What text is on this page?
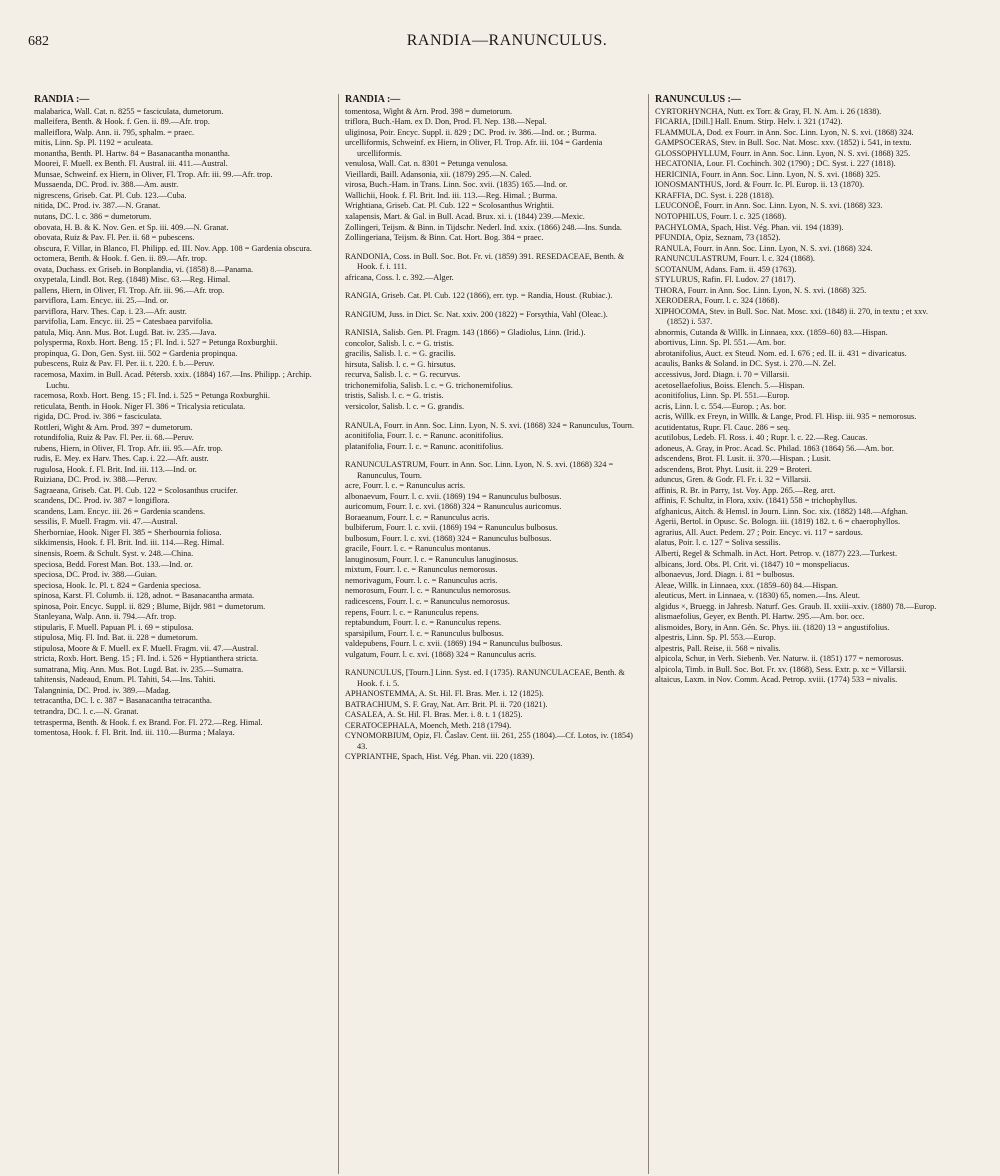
682	RANDIA—RANUNCULUS.

RANDIA :—

malabarica, Wall. Cat. n. 8255 = fasciculata, dumetorum.

malleifera, Benth. & Hook. f. Gen. ii. 89.—Afr. trop.

malleiflora, Walp. Ann. ii. 795, sphalm. = praec.

mitis, Linn. Sp. Pl. 1192 = aculeata.

monantha, Benth. Pl. Hartw. 84 = Basanacantha monantha.

Moorei, F. Muell. ex Benth. Fl. Austral. iii. 411.—Austral.

Munsae, Schweinf. ex Hiern, in Oliver, Fl. Trop. Afr. iii. 99.—Afr. trop.

Mussaenda, DC. Prod. iv. 388.—Am. austr.

nigrescens, Griseb. Cat. Pl. Cub. 123.—Cuba.

nitida, DC. Prod. iv. 387.—N. Granat.

nutans, DC. l. c. 386 = dumetorum.

obovata, H. B. & K. Nov. Gen. et Sp. iii. 409.—N. Granat.

obovata, Ruiz & Pav. Fl. Per. ii. 68 = pubescens.

obscura, F. Villar, in Blanco, Fl. Philipp. ed. III. Nov. App. 108 = Gardenia obscura.

octomera, Benth. & Hook. f. Gen. ii. 89.—Afr. trop.

ovata, Duchass. ex Griseb. in Bonplandia, vi. (1858) 8.—Panama.

oxypetala, Lindl. Bot. Reg. (1848) Misc. 63.—Reg. Himal.

pallens, Hiern, in Oliver, Fl. Trop. Afr. iii. 96.—Afr. trop.

parviflora, Lam. Encyc. iii. 25.—Ind. or.

parviflora, Harv. Thes. Cap. i. 23.—Afr. austr.

parvifolia, Lam. Encyc. iii. 25 = Catesbaea parvifolia.

patula, Miq. Ann. Mus. Bot. Lugd. Bat. iv. 235.—Java.

polysperma, Roxb. Hort. Beng. 15 ; Fl. Ind. i. 527 = Petunga Roxburghii.

propinqua, G. Don, Gen. Syst. iii. 502 = Gardenia propinqua.

pubescens, Ruiz & Pav. Fl. Per. ii. t. 220. f. b.—Peruv.

racemosa, Maxim. in Bull. Acad. Pétersb. xxix. (1884) 167.—Ins. Philipp. ; Archip. Luchu.

racemosa, Roxb. Hort. Beng. 15 ; Fl. Ind. i. 525 = Petunga Roxburghii.

reticulata, Benth. in Hook. Niger Fl. 386 = Tricalysia reticulata.

rigida, DC. Prod. iv. 386 = fasciculata.

Rottleri, Wight & Arn. Prod. 397 = dumetorum.

rotundifolia, Ruiz & Pav. Fl. Per. ii. 68.—Peruv.

rubens, Hiern, in Oliver, Fl. Trop. Afr. iii. 95.—Afr. trop.

rudis, E. Mey. ex Harv. Thes. Cap. i. 22.—Afr. austr.

rugulosa, Hook. f. Fl. Brit. Ind. iii. 113.—Ind. or.

Ruiziana, DC. Prod. iv. 388.—Peruv.

Sagraeana, Griseb. Cat. Pl. Cub. 122 = Scolosanthus crucifer.

scandens, DC. Prod. iv. 387 = longiflora.

scandens, Lam. Encyc. iii. 26 = Gardenia scandens.

sessilis, F. Muell. Fragm. vii. 47.—Austral.

Sherborniae, Hook. Niger Fl. 385 = Sherbournia foliosa.

sikkimensis, Hook. f. Fl. Brit. Ind. iii. 114.—Reg. Himal.

sinensis, Roem. & Schult. Syst. v. 248.—China.

speciosa, Bedd. Forest Man. Bot. 133.—Ind. or.

speciosa, DC. Prod. iv. 388.—Guian.

speciosa, Hook. Ic. Pl. t. 824 = Gardenia speciosa.

spinosa, Karst. Fl. Columb. ii. 128, adnot. = Basanacantha armata.

spinosa, Poir. Encyc. Suppl. ii. 829 ; Blume, Bijdr. 981 = dumetorum.

Stanleyana, Walp. Ann. ii. 794.—Afr. trop.

stipularis, F. Muell. Papuan Pl. i. 69 = stipulosa.

stipulosa, Miq. Fl. Ind. Bat. ii. 228 = dumetorum.

stipulosa, Moore & F. Muell. ex F. Muell. Fragm. vii. 47.—Austral.

stricta, Roxb. Hort. Beng. 15 ; Fl. Ind. i. 526 = Hyptianthera stricta.

sumatrana, Miq. Ann. Mus. Bot. Lugd. Bat. iv. 235.—Sumatra.

tahitensis, Nadeaud, Enum. Pl. Tahiti, 54.—Ins. Tahiti.

Talangninia, DC. Prod. iv. 389.—Madag.

tetracantha, DC. l. c. 387 = Basanacantha tetracantha.

tetrandra, DC. l. c.—N. Granat.

tetrasperma, Benth. & Hook. f. ex Brand. For. Fl. 272.—Reg. Himal.

tomentosa, Hook. f. Fl. Brit. Ind. iii. 110.—Burma ; Malaya.

RANDIA :—

tomentosa, Wight & Arn. Prod. 398 = dumetorum.

triflora, Buch.-Ham. ex D. Don, Prod. Fl. Nep. 138.—Nepal.

uliginosa, Poir. Encyc. Suppl. ii. 829 ; DC. Prod. iv. 386.—Ind. or. ; Burma.

urcelliformis, Schweinf. ex Hiern, in Oliver, Fl. Trop. Afr. iii. 104 = Gardenia urcelliformis.

venulosa, Wall. Cat. n. 8301 = Petunga venulosa.

Vieillardi, Baill. Adansonia, xii. (1879) 295.—N. Caled.

virosa, Buch.-Ham. in Trans. Linn. Soc. xvii. (1835) 165.—Ind. or.

Wallichii, Hook. f. Fl. Brit. Ind. iii. 113.—Reg. Himal. ; Burma.

Wrightiana, Griseb. Cat. Pl. Cub. 122 = Scolosanthus Wrightii.

xalapensis, Mart. & Gal. in Bull. Acad. Brux. xi. i. (1844) 239.—Mexic.

Zollingeri, Teijsm. & Binn. in Tijdschr. Nederl. Ind. xxix. (1866) 248.—Ins. Sunda.

Zollingeriana, Teijsm. & Binn. Cat. Hort. Bog. 384 = praec.

RANDONIA, Coss. in Bull. Soc. Bot. Fr. vi. (1859) 391. RESEDACEAE, Benth. & Hook. f. i. 111.

africana, Coss. l. c. 392.—Alger.

RANGIA, Griseb. Cat. Pl. Cub. 122 (1866), err. typ. = Randia, Houst. (Rubiac.).

RANGIUM, Juss. in Dict. Sc. Nat. xxiv. 200 (1822) = Forsythia, Vahl (Oleac.).

RANISIA, Salisb. Gen. Pl. Fragm. 143 (1866) = Gladiolus, Linn. (Irid.).

concolor, Salisb. l. c. = G. tristis.

gracilis, Salisb. l. c. = G. gracilis.

hirsuta, Salisb. l. c. = G. hirsutus.

recurva, Salisb. l. c. = G. recurvus.

trichonemifolia, Salisb. l. c. = G. trichonemifolius.

tristis, Salisb. l. c. = G. tristis.

versicolor, Salisb. l. c. = G. grandis.

RANULA, Fourr. in Ann. Soc. Linn. Lyon, N. S. xvi. (1868) 324 = Ranunculus, Tourn.

aconitifolia, Fourr. l. c. = Ranunc. aconitifolius.

platanifolia, Fourr. l. c. = Ranunc. aconitifolius.

RANUNCULASTRUM, Fourr. in Ann. Soc. Linn. Lyon, N. S. xvi. (1868) 324 = Ranunculus, Tourn.

acre, Fourr. l. c. = Ranunculus acris.

albonaevum, Fourr. l. c. xvii. (1869) 194 = Ranunculus bulbosus.

auricomum, Fourr. l. c. xvi. (1868) 324 = Ranunculus auricomus.

Boraeanum, Fourr. l. c. = Ranunculus acris.

bulbiferum, Fourr. l. c. xvii. (1869) 194 = Ranunculus bulbosus.

bulbosum, Fourr. l. c. xvi. (1868) 324 = Ranunculus bulbosus.

gracile, Fourr. l. c. = Ranunculus montanus.

lanuginosum, Fourr. l. c. = Ranunculus lanuginosus.

mixtum, Fourr. l. c. = Ranunculus nemorosus.

nemorivagum, Fourr. l. c. = Ranunculus acris.

nemorosum, Fourr. l. c. = Ranunculus nemorosus.

radicescens, Fourr. l. c. = Ranunculus nemorosus.

repens, Fourr. l. c. = Ranunculus repens.

reptabundum, Fourr. l. c. = Ranunculus repens.

sparsipilum, Fourr. l. c. = Ranunculus bulbosus.

valdepubens, Fourr. l. c. xvii. (1869) 194 = Ranunculus bulbosus.

vulgatum, Fourr. l. c. xvi. (1868) 324 = Ranunculus acris.

RANUNCULUS, [Tourn.] Linn. Syst. ed. I (1735). RANUNCULACEAE, Benth. & Hook. f. i. 5.

APHANOSTEMMA, A. St. Hil. Fl. Bras. Mer. i. 12 (1825).

BATRACHIUM, S. F. Gray, Nat. Arr. Brit. Pl. ii. 720 (1821).

CASALEA, A. St. Hil. Fl. Bras. Mer. i. 8. t. 1 (1825).

CERATOCEPHALA, Moench, Meth. 218 (1794).

CYNOMORBIUM, Opiz, Fl. Časlav. Cent. iii. 261, 255 (1804).—Cf. Lotos, iv. (1854) 43.

CYPRIANTHE, Spach, Hist. Vég. Phan. vii. 220 (1839).

RANUNCULUS :—

CYRTORHYNCHA, Nutt. ex Torr. & Gray, Fl. N. Am. i. 26 (1838).

FICARIA, [Dill.] Hall. Enum. Stirp. Helv. i. 321 (1742).

FLAMMULA, Dod. ex Fourr. in Ann. Soc. Linn. Lyon, N. S. xvi. (1868) 324.

GAMPSOCERAS, Stev. in Bull. Soc. Nat. Mosc. xxv. (1852) i. 541, in textu.

GLOSSOPHYLLUM, Fourr. in Ann. Soc. Linn. Lyon, N. S. xvi. (1868) 325.

HECATONIA, Lour. Fl. Cochinch. 302 (1790) ; DC. Syst. i. 227 (1818).

HERICINIA, Fourr. in Ann. Soc. Linn. Lyon, N. S. xvi. (1868) 325.

IONOSMANTHUS, Jord. & Fourr. Ic. Pl. Europ. ii. 13 (1870).

KRAFFIA, DC. Syst. i. 228 (1818).

LEUCONOË, Fourr. in Ann. Soc. Linn. Lyon, N. S. xvi. (1868) 323.

NOTOPHILUS, Fourr. l. c. 325 (1868).

PACHYLOMA, Spach, Hist. Vég. Phan. vii. 194 (1839).

PFUNDIA, Opiz, Seznam, 73 (1852).

RANULA, Fourr. in Ann. Soc. Linn. Lyon, N. S. xvi. (1868) 324.

RANUNCULASTRUM, Fourr. l. c. 324 (1868).

SCOTANUM, Adans. Fam. ii. 459 (1763).

STYLURUS, Rafin. Fl. Ludov. 27 (1817).

THORA, Fourr. in Ann. Soc. Linn. Lyon, N. S. xvi. (1868) 325.

XERODERA, Fourr. l. c. 324 (1868).

XIPHOCOMA, Stev. in Bull. Soc. Nat. Mosc. xxi. (1848) ii. 270, in textu ; et xxv. (1852) i. 537.

abnormis, Cutanda & Willk. in Linnaea, xxx. (1859–60) 83.—Hispan.

abortivus, Linn. Sp. Pl. 551.—Am. bor.

abrotanifolius, Auct. ex Steud. Nom. ed. I. 676 ; ed. II. ii. 431 = divaricatus.

acaulis, Banks & Soland. in DC. Syst. i. 270.—N. Zel.

accessivus, Jord. Diagn. i. 70 = Villarsii.

acetosellaefolius, Boiss. Elench. 5.—Hispan.

aconitifolius, Linn. Sp. Pl. 551.—Europ.

acris, Linn. l. c. 554.—Europ. ; As. bor.

acris, Willk. ex Freyn, in Willk. & Lange, Prod. Fl. Hisp. iii. 935 = nemorosus.

acutidentatus, Rupr. Fl. Cauc. 286 = seq.

acutilobus, Ledeb. Fl. Ross. i. 40 ; Rupr. l. c. 22.—Reg. Caucas.

adoneus, A. Gray, in Proc. Acad. Sc. Philad. 1863 (1864) 56.—Am. bor.

adscendens, Brot. Fl. Lusit. ii. 370.—Hispan. ; Lusit.

adscendens, Brot. Phyt. Lusit. ii. 229 = Broteri.

aduncus, Gren. & Godr. Fl. Fr. i. 32 = Villarsii.

affinis, R. Br. in Parry, 1st. Voy. App. 265.—Reg. arct.

affinis, F. Schultz, in Flora, xxiv. (1841) 558 = trichophyllus.

afghanicus, Aitch. & Hemsl. in Journ. Linn. Soc. xix. (1882) 148.—Afghan.

Agerii, Bertol. in Opusc. Sc. Bologn. iii. (1819) 182. t. 6 = chaerophyllos.

agrarius, All. Auct. Pedem. 27 ; Poir. Encyc. vi. 117 = sardous.

alatus, Poir. l. c. 127 = Soliva sessilis.

Alberti, Regel & Schmalh. in Act. Hort. Petrop. v. (1877) 223.—Turkest.

albicans, Jord. Obs. Pl. Crit. vi. (1847) 10 = monspeliacus.

albonaevus, Jord. Diagn. i. 81 = bulbosus.

Aleae, Willk. in Linnaea, xxx. (1859–60) 84.—Hispan.

aleuticus, Mert. in Linnaea, v. (1830) 65, nomen.—Ins. Aleut.

algidus ×, Bruegg. in Jahresb. Naturf. Ges. Graub. II. xxiii–xxiv. (1880) 78.—Europ.

alismaefolius, Geyer, ex Benth. Pl. Hartw. 295.—Am. bor. occ.

alismoides, Bory, in Ann. Gén. Sc. Phys. iii. (1820) 13 = angustifolius.

alpestris, Linn. Sp. Pl. 553.—Europ.

alpestris, Pall. Reise, ii. 568 = nivalis.

alpicola, Schur, in Verh. Siebenb. Ver. Naturw. ii. (1851) 177 = nemorosus.

alpicola, Timb. in Bull. Soc. Bot. Fr. xv. (1868), Sess. Extr. p. xc = Villarsii.

altaicus, Laxm. in Nov. Comm. Acad. Petrop. xviii. (1774) 533 = nivalis.
